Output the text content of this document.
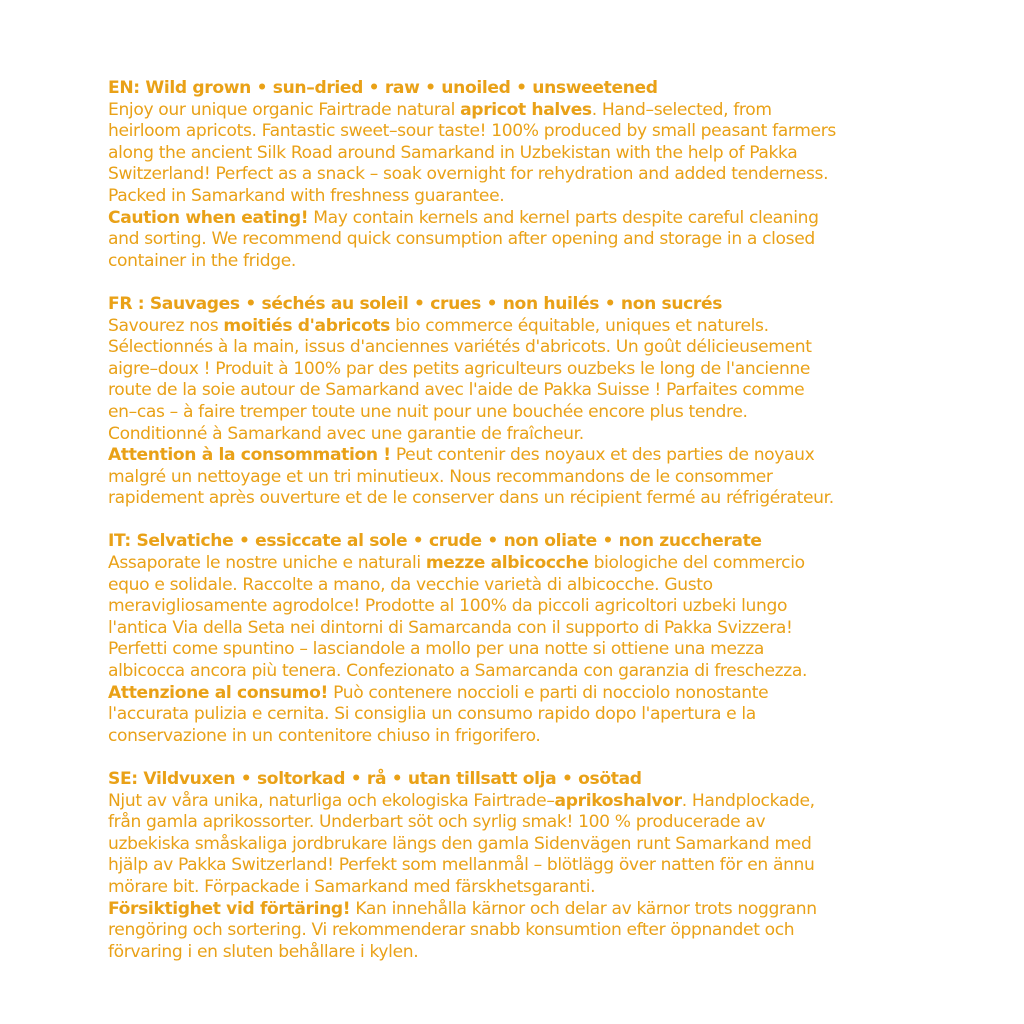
EN: Wild grown • sun–dried • raw • unoiled • unsweetened

Enjoy our unique organic Fairtrade natural apricot halves. Hand–selected, from

heirloom apricots. Fantastic sweet–sour taste! 100% produced by small peasant farmers

along the ancient Silk Road around Samarkand in Uzbekistan with the help of Pakka

Switzerland! Perfect as a snack – soak overnight for rehydration and added tenderness.

Packed in Samarkand with freshness guarantee.

Caution when eating! May contain kernels and kernel parts despite careful cleaning

and sorting. We recommend quick consumption after opening and storage in a closed

container in the fridge.

FR : Sauvages • séchés au soleil • crues • non huilés • non sucrés

Savourez nos moitiés d'abricots bio commerce équitable, uniques et naturels.

Sélectionnés à la main, issus d'anciennes variétés d'abricots. Un goût délicieusement

aigre–doux ! Produit à 100% par des petits agriculteurs ouzbeks le long de l'ancienne

route de la soie autour de Samarkand avec l'aide de Pakka Suisse ! Parfaites comme

en–cas – à faire tremper toute une nuit pour une bouchée encore plus tendre.

Conditionné à Samarkand avec une garantie de fraîcheur.

Attention à la consommation ! Peut contenir des noyaux et des parties de noyaux

malgré un nettoyage et un tri minutieux. Nous recommandons de le consommer

rapidement après ouverture et de le conserver dans un récipient fermé au réfrigérateur.

IT: Selvatiche • essiccate al sole • crude • non oliate • non zuccherate

Assaporate le nostre uniche e naturali mezze albicocche biologiche del commercio

equo e solidale. Raccolte a mano, da vecchie varietà di albicocche. Gusto

meravigliosamente agrodolce! Prodotte al 100% da piccoli agricoltori uzbeki lungo

l'antica Via della Seta nei dintorni di Samarcanda con il supporto di Pakka Svizzera!

Perfetti come spuntino – lasciandole a mollo per una notte si ottiene una mezza

albicocca ancora più tenera. Confezionato a Samarcanda con garanzia di freschezza.

Attenzione al consumo! Può contenere noccioli e parti di nocciolo nonostante

l'accurata pulizia e cernita. Si consiglia un consumo rapido dopo l'apertura e la

conservazione in un contenitore chiuso in frigorifero.

SE: Vildvuxen • soltorkad • rå • utan tillsatt olja • osötad

Njut av våra unika, naturliga och ekologiska Fairtrade–aprikoshalvor. Handplockade,

från gamla aprikossorter. Underbart söt och syrlig smak! 100 % producerade av

uzbekiska småskaliga jordbrukare längs den gamla Sidenvägen runt Samarkand med

hjälp av Pakka Switzerland! Perfekt som mellanmål – blötlägg över natten för en ännu

mörare bit. Förpackade i Samarkand med färskhetsgaranti.

Försiktighet vid förtäring! Kan innehålla kärnor och delar av kärnor trots noggrann

rengöring och sortering. Vi rekommenderar snabb konsumtion efter öppnandet och

förvaring i en sluten behållare i kylen.
